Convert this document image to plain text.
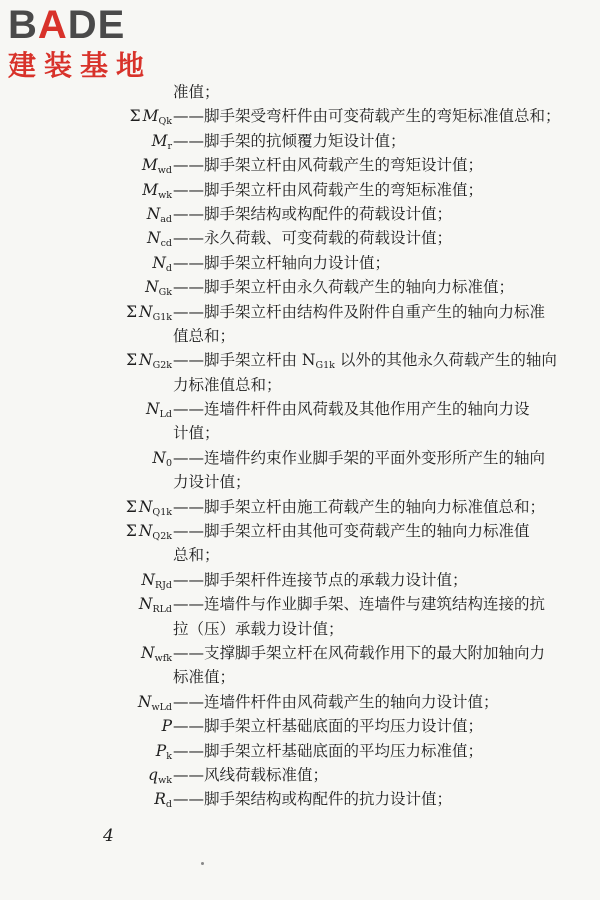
BADE
建装基地
准值；
Σ $M_{Qk}$ ——脚手架受弯杆件由可变荷载产生的弯矩标准值总和；
$M_r$ ——脚手架的抗倾覆力矩设计值；
$M_{wd}$ ——脚手架立杆由风荷载产生的弯矩设计值；
$M_{wk}$ ——脚手架立杆由风荷载产生的弯矩标准值；
$N_{ad}$ ——脚手架结构或构配件的荷载设计值；
$N_{cd}$ ——永久荷载、可变荷载的荷载设计值；
$N_d$ ——脚手架立杆轴向力设计值；
$N_{Gk}$ ——脚手架立杆由永久荷载产生的轴向力标准值；
Σ $N_{G1k}$ ——脚手架立杆由结构件及附件自重产生的轴向力标准
值总和；
Σ $N_{G2k}$ ——脚手架立杆由 $N_{G1k}$ 以外的其他永久荷载产生的轴向
力标准值总和；
$N_{Ld}$ ——连墙件杆件由风荷载及其他作用产生的轴向力设
计值；
$N_0$ ——连墙件约束作业脚手架的平面外变形所产生的轴向
力设计值；
Σ $N_{Q1k}$ ——脚手架立杆由施工荷载产生的轴向力标准值总和；
Σ $N_{Q2k}$ ——脚手架立杆由其他可变荷载产生的轴向力标准值
总和；
$N_{RJd}$ ——脚手架杆件连接节点的承载力设计值；
$N_{RLd}$ ——连墙件与作业脚手架、连墙件与建筑结构连接的抗
拉（压）承载力设计值；
$N_{wfk}$ ——支撑脚手架立杆在风荷载作用下的最大附加轴向力
标准值；
$N_{wLd}$ ——连墙件杆件由风荷载产生的轴向力设计值；
P ——脚手架立杆基础底面的平均压力设计值；
$P_k$ ——脚手架立杆基础底面的平均压力标准值；
$q_{wk}$ ——风线荷载标准值；
$R_d$ ——脚手架结构或构配件的抗力设计值；
4
